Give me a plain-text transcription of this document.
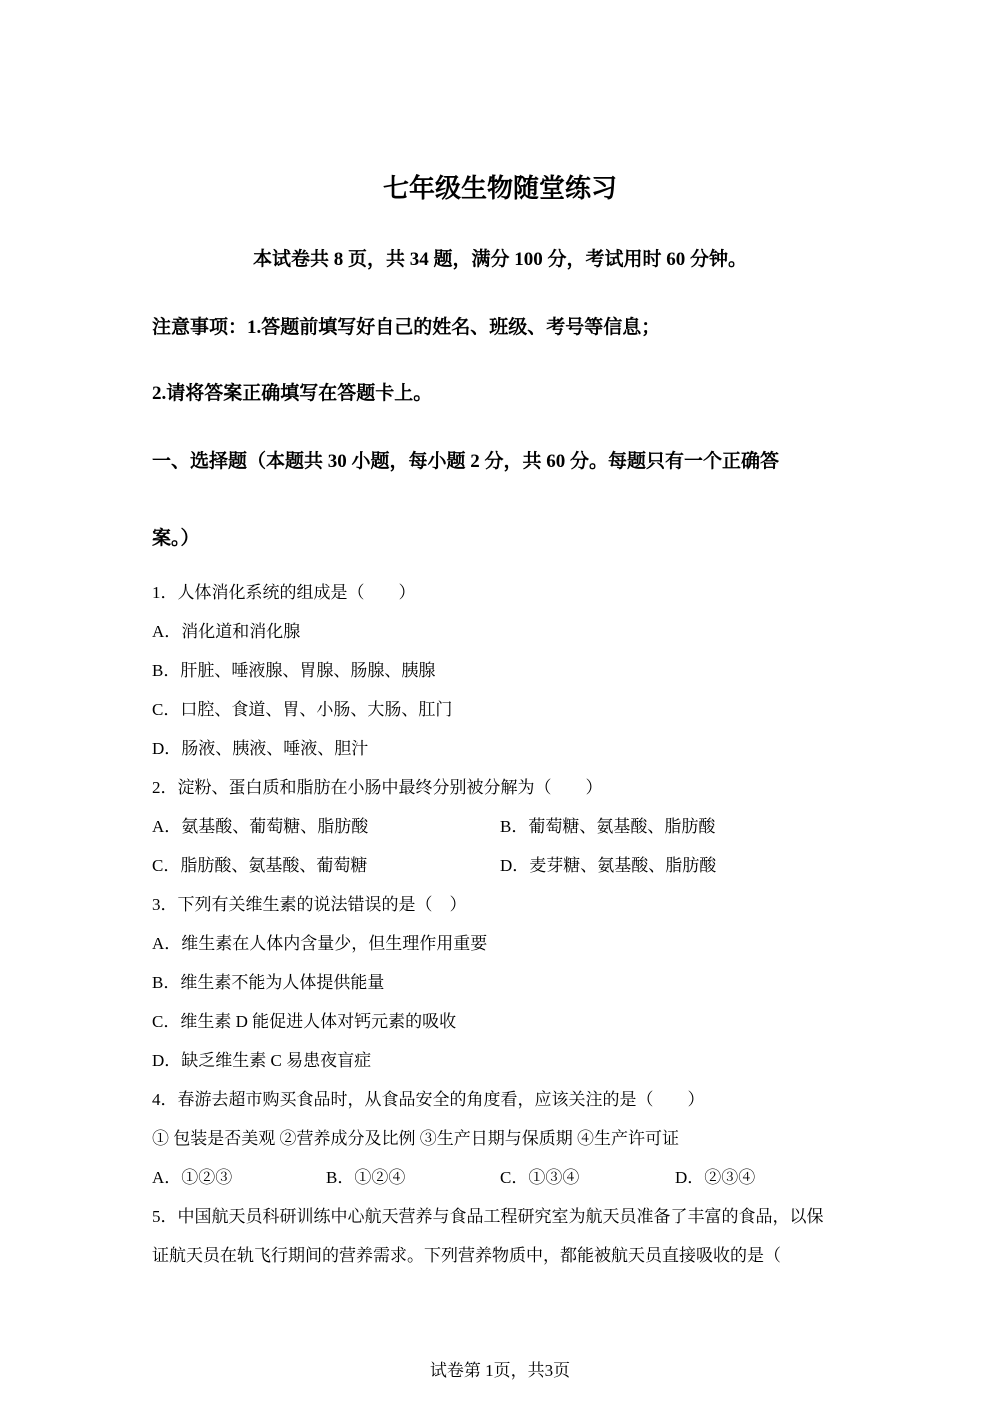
七年级生物随堂练习

本试卷共 8 页，共 34 题，满分 100 分，考试用时 60 分钟。

注意事项：1.答题前填写好自己的姓名、班级、考号等信息；

2.请将答案正确填写在答题卡上。

一、选择题（本题共 30 小题，每小题 2 分，共 60 分。每题只有一个正确答

案。）

1．人体消化系统的组成是（　　）

A．消化道和消化腺

B．肝脏、唾液腺、胃腺、肠腺、胰腺

C．口腔、食道、胃、小肠、大肠、肛门

D．肠液、胰液、唾液、胆汁

2．淀粉、蛋白质和脂肪在小肠中最终分别被分解为（　　）

A．氨基酸、葡萄糖、脂肪酸	B．葡萄糖、氨基酸、脂肪酸

C．脂肪酸、氨基酸、葡萄糖	D．麦芽糖、氨基酸、脂肪酸

3．下列有关维生素的说法错误的是（　）

A．维生素在人体内含量少，但生理作用重要

B．维生素不能为人体提供能量

C．维生素 D 能促进人体对钙元素的吸收

D．缺乏维生素 C 易患夜盲症

4．春游去超市购买食品时，从食品安全的角度看，应该关注的是（　　）

① 包装是否美观 ②营养成分及比例 ③生产日期与保质期 ④生产许可证

A．①②③	B．①②④	C．①③④	D．②③④

5．中国航天员科研训练中心航天营养与食品工程研究室为航天员准备了丰富的食品，以保

证航天员在轨飞行期间的营养需求。下列营养物质中，都能被航天员直接吸收的是（

试卷第 1页，共3页
